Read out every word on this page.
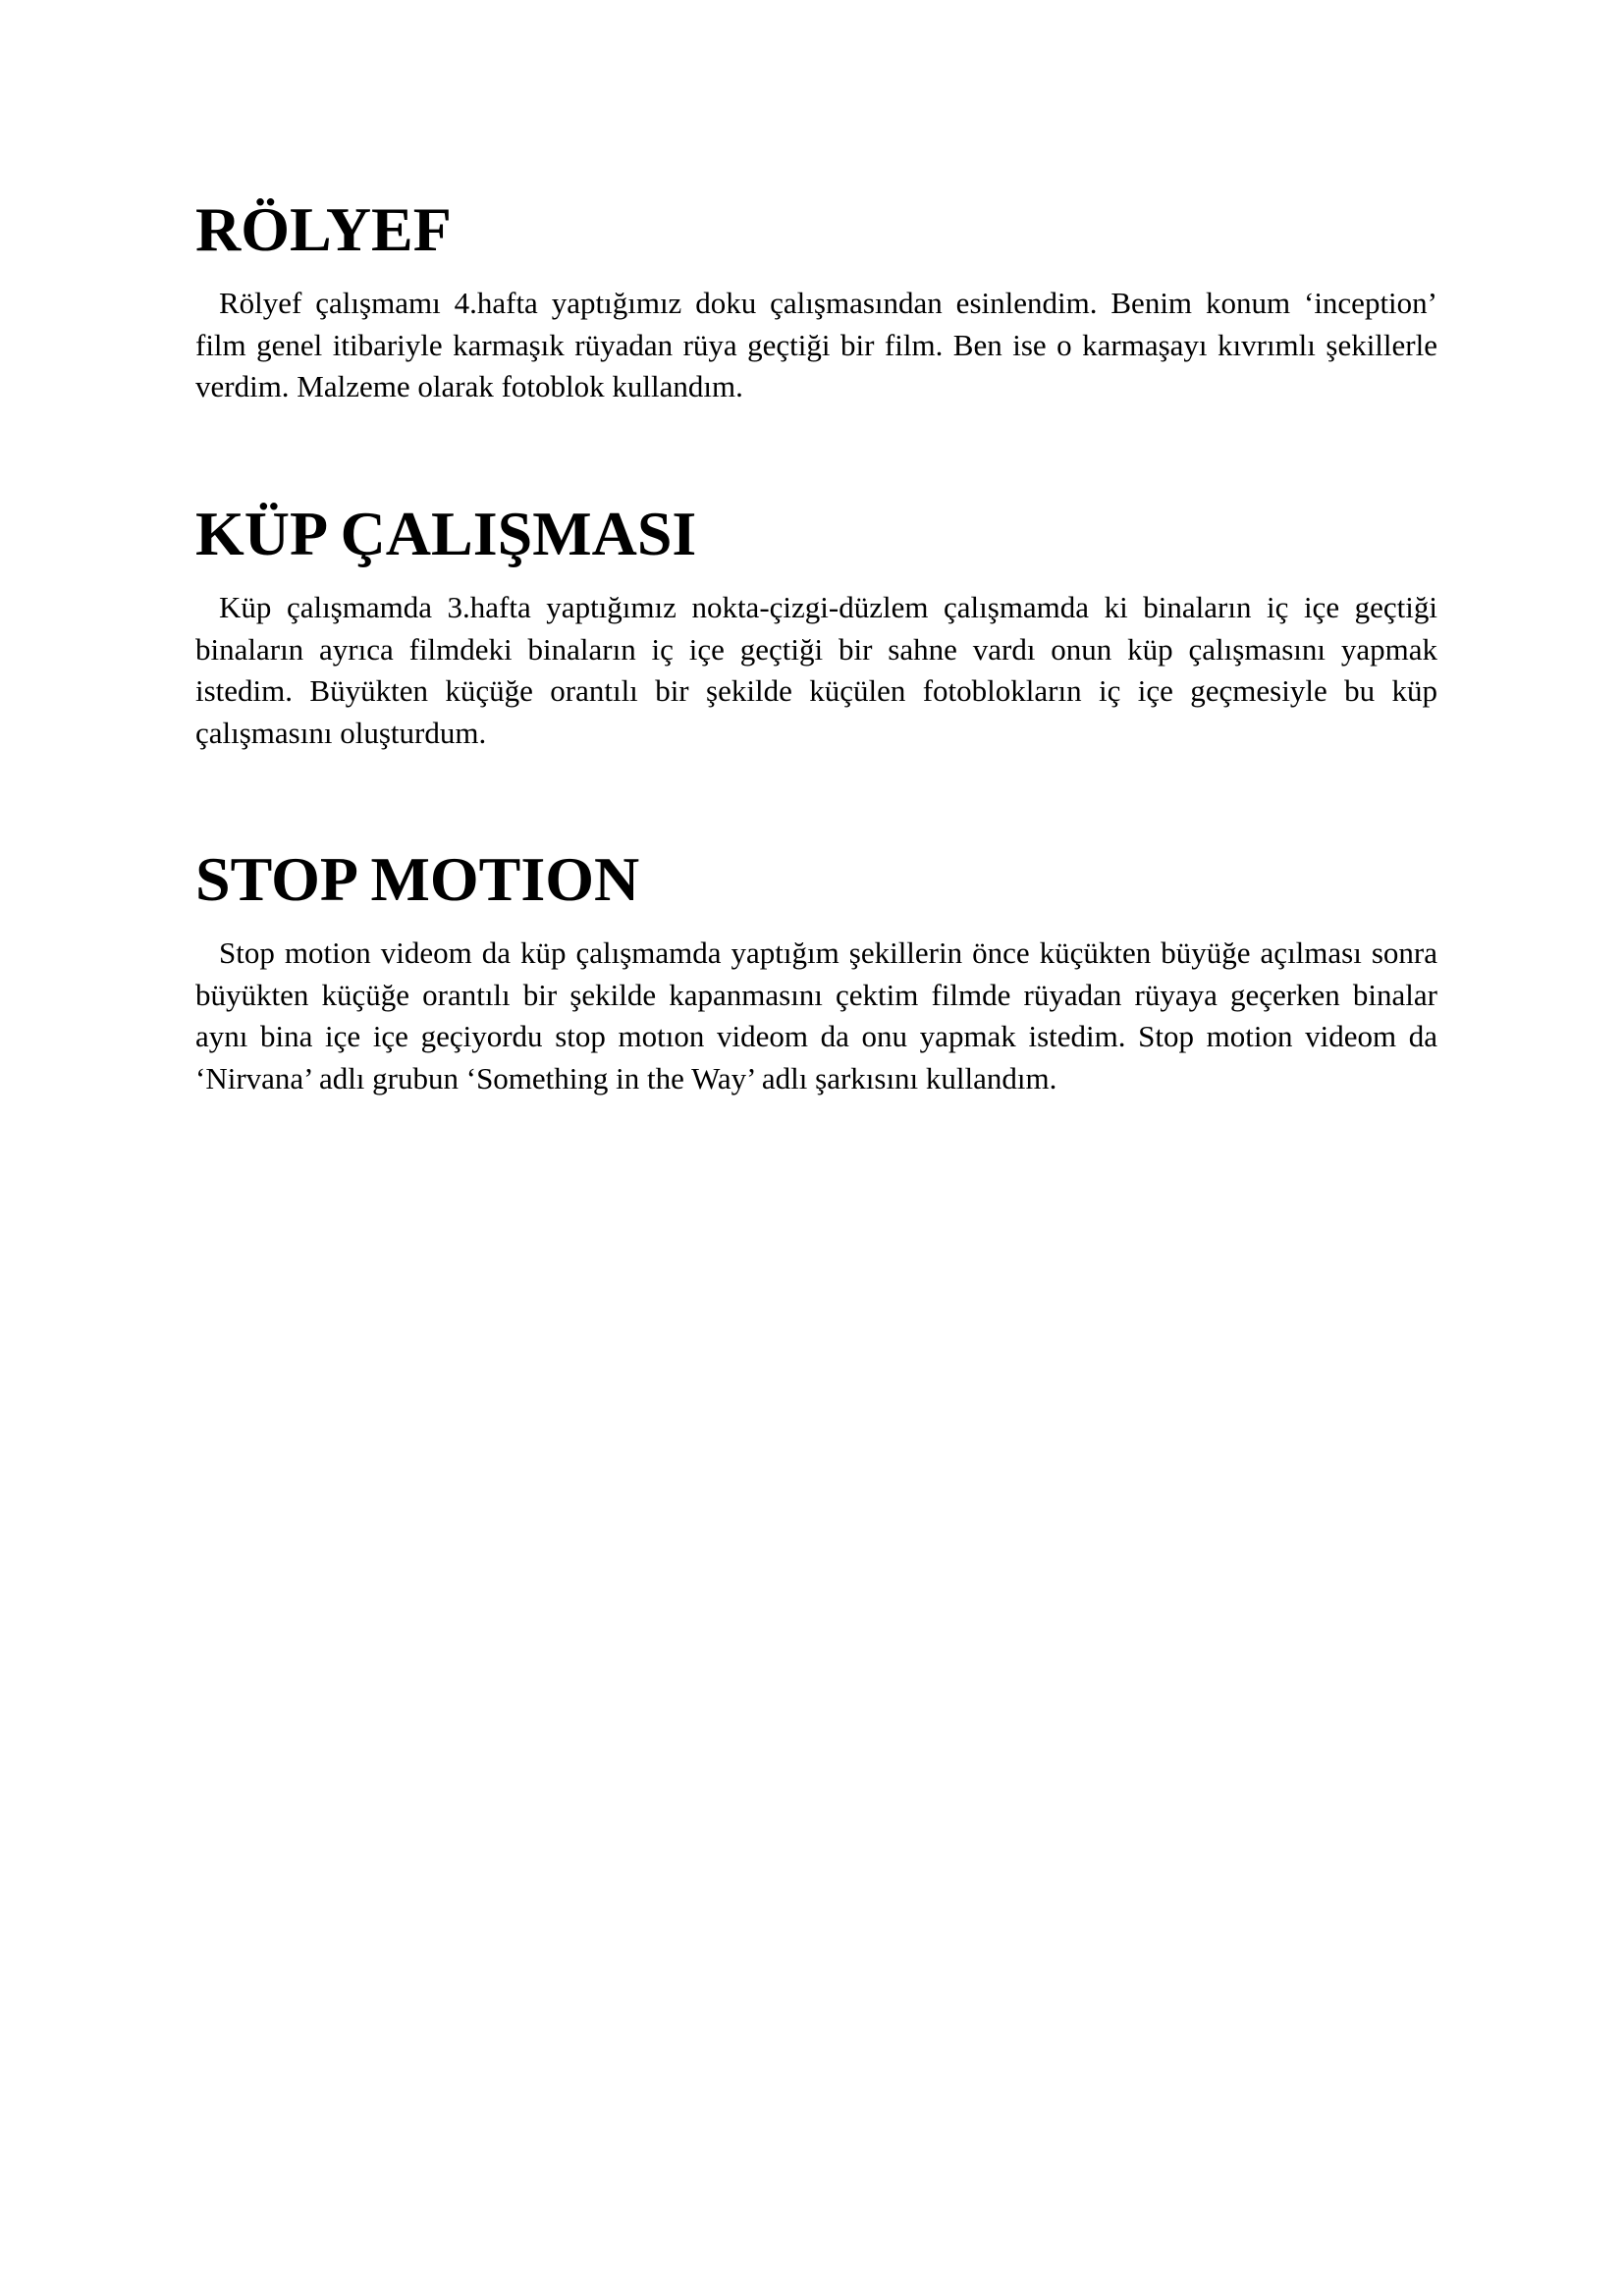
RÖLYEF

Rölyef çalışmamı 4.hafta yaptığımız doku çalışmasından esinlendim. Benim konum ‘inception’ film genel itibariyle karmaşık rüyadan rüya geçtiği bir film. Ben ise o karmaşayı kıvrımlı şekillerle verdim. Malzeme olarak fotoblok kullandım.

KÜP ÇALIŞMASI

Küp çalışmamda 3.hafta yaptığımız nokta-çizgi-düzlem çalışmamda ki binaların iç içe geçtiği binaların ayrıca filmdeki binaların iç içe geçtiği bir sahne vardı onun küp çalışmasını yapmak istedim. Büyükten küçüğe orantılı bir şekilde küçülen fotoblokların iç içe geçmesiyle bu küp çalışmasını oluşturdum.

STOP MOTION

Stop motion videom da küp çalışmamda yaptığım şekillerin önce küçükten büyüğe açılması sonra büyükten küçüğe orantılı bir şekilde kapanmasını çektim filmde rüyadan rüyaya geçerken binalar aynı bina içe içe geçiyordu stop motıon videom da onu yapmak istedim. Stop motion videom da ‘Nirvana’ adlı grubun ‘Something in the Way’ adlı şarkısını kullandım.
